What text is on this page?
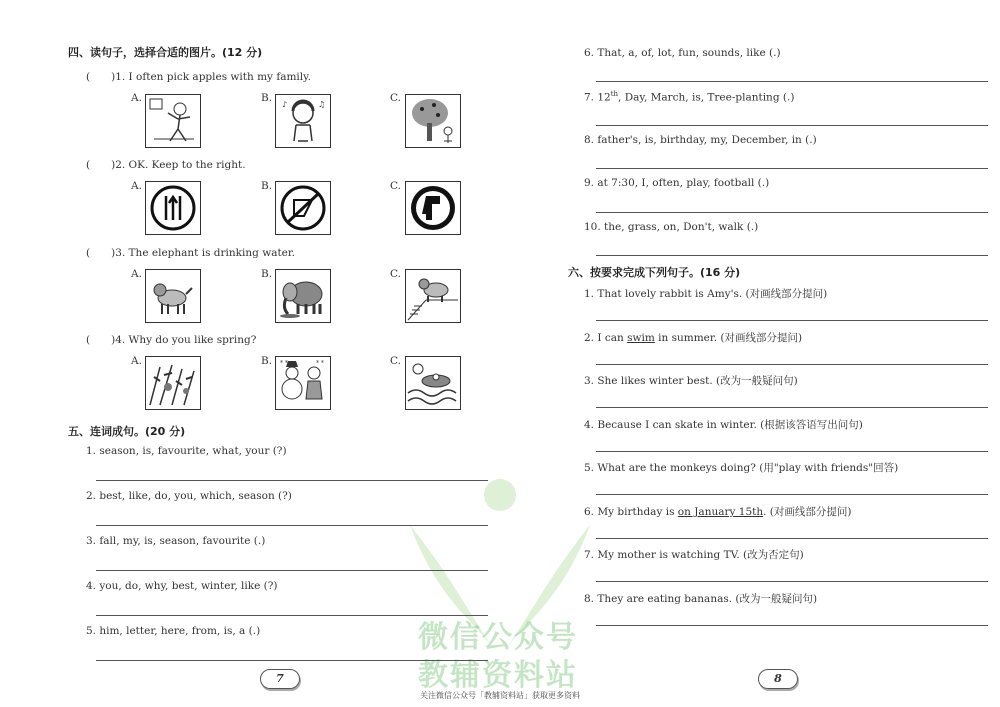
微信公众号
教辅资料站
四、读句子，选择合适的图片。(12 分)
(　　)1. I often pick apples with my family.
A.	B.
♪	♫
C.
(　　)2. OK. Keep to the right.
A.	B.	C.
(　　)3. The elephant is drinking water.
A.	B.	C.
(　　)4. Why do you like spring?
A.	B. * *	* *	C.
五、连词成句。(20 分)
1. season, is, favourite, what, your (?)
2. best, like, do, you, which, season (?)
3. fall, my, is, season, favourite (.)
4. you, do, why, best, winter, like (?)
5. him, letter, here, from, is, a (.)
7
6. That, a, of, lot, fun, sounds, like (.)
7. 12th, Day, March, is, Tree-planting (.)
8. father's, is, birthday, my, December, in (.)
9. at 7:30, I, often, play, football (.)
10. the, grass, on, Don't, walk (.)
六、按要求完成下列句子。(16 分)
1. That lovely rabbit is Amy's. (对画线部分提问)
2. I can swim in summer. (对画线部分提问)
3. She likes winter best. (改为一般疑问句)
4. Because I can skate in winter. (根据该答语写出问句)
5. What are the monkeys doing? (用"play with friends"回答)
6. My birthday is on January 15th. (对画线部分提问)
7. My mother is watching TV. (改为否定句)
8. They are eating bananas. (改为一般疑问句)
8
关注微信公众号「教辅资料站」获取更多资料
